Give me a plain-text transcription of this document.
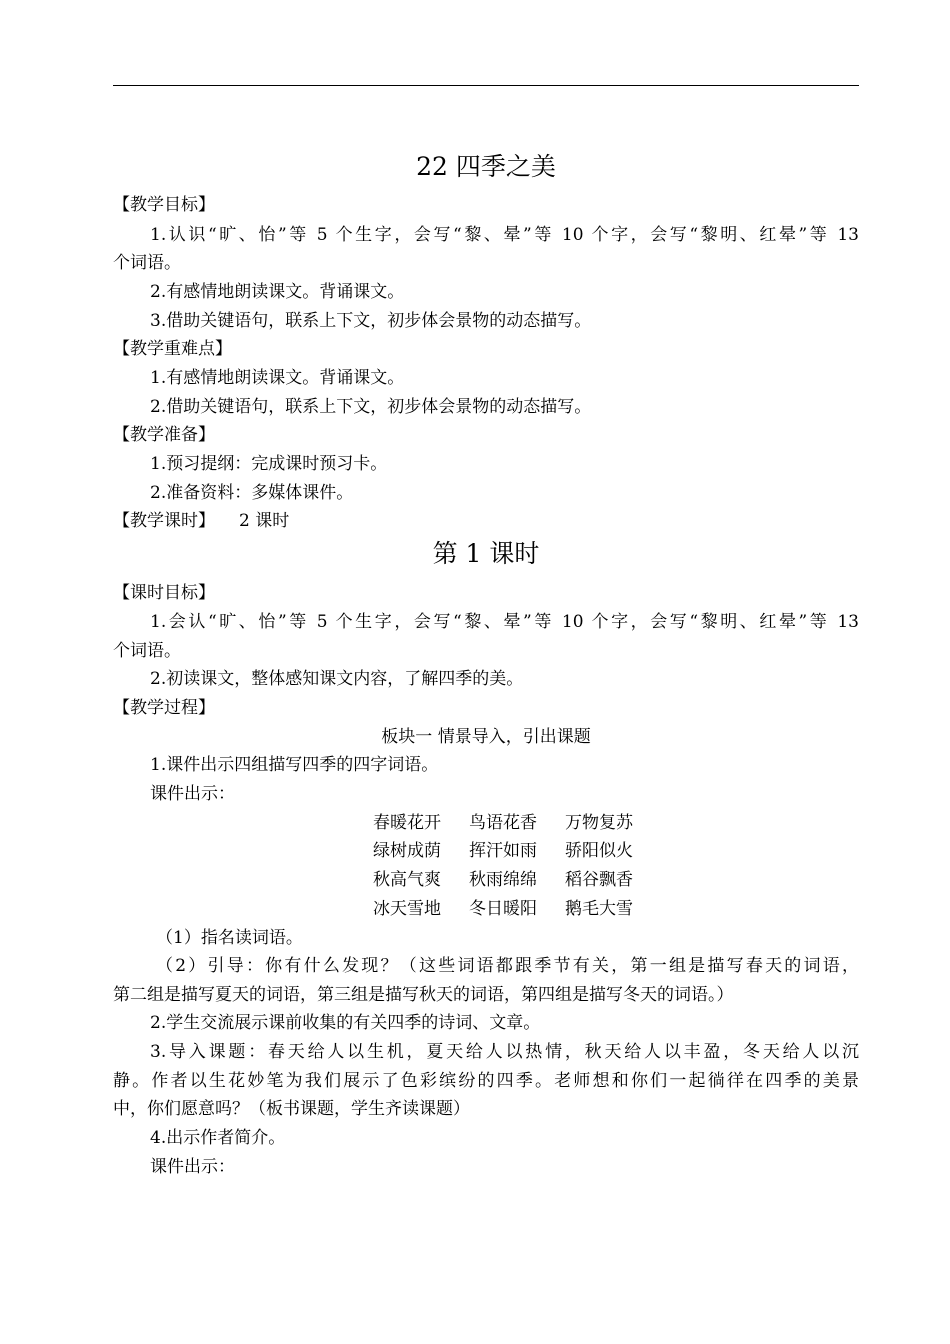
22 四季之美
【教学目标】
1.认识“旷、怡”等 5 个生字，会写“黎、晕”等 10 个字，会写“黎明、红晕”等 13
个词语。
2.有感情地朗读课文。背诵课文。
3.借助关键语句，联系上下文，初步体会景物的动态描写。
【教学重难点】
1.有感情地朗读课文。背诵课文。
2.借助关键语句，联系上下文，初步体会景物的动态描写。
【教学准备】
1.预习提纲：完成课时预习卡。
2.准备资料：多媒体课件。
【教学课时】 2 课时
第 1 课时
【课时目标】
1.会认“旷、怡”等 5 个生字，会写“黎、晕”等 10 个字，会写“黎明、红晕”等 13
个词语。
2.初读课文，整体感知课文内容，了解四季的美。
【教学过程】
板块一 情景导入，引出课题
1.课件出示四组描写四季的四字词语。
课件出示：
春暖花开 鸟语花香 万物复苏
绿树成荫 挥汗如雨 骄阳似火
秋高气爽 秋雨绵绵 稻谷飘香
冰天雪地 冬日暖阳 鹅毛大雪
（1）指名读词语。
（2）引导：你有什么发现？（这些词语都跟季节有关，第一组是描写春天的词语，
第二组是描写夏天的词语，第三组是描写秋天的词语，第四组是描写冬天的词语。）
2.学生交流展示课前收集的有关四季的诗词、文章。
3.导入课题：春天给人以生机，夏天给人以热情，秋天给人以丰盈，冬天给人以沉
静。作者以生花妙笔为我们展示了色彩缤纷的四季。老师想和你们一起徜徉在四季的美景
中，你们愿意吗？（板书课题，学生齐读课题）
4.出示作者简介。
课件出示：
